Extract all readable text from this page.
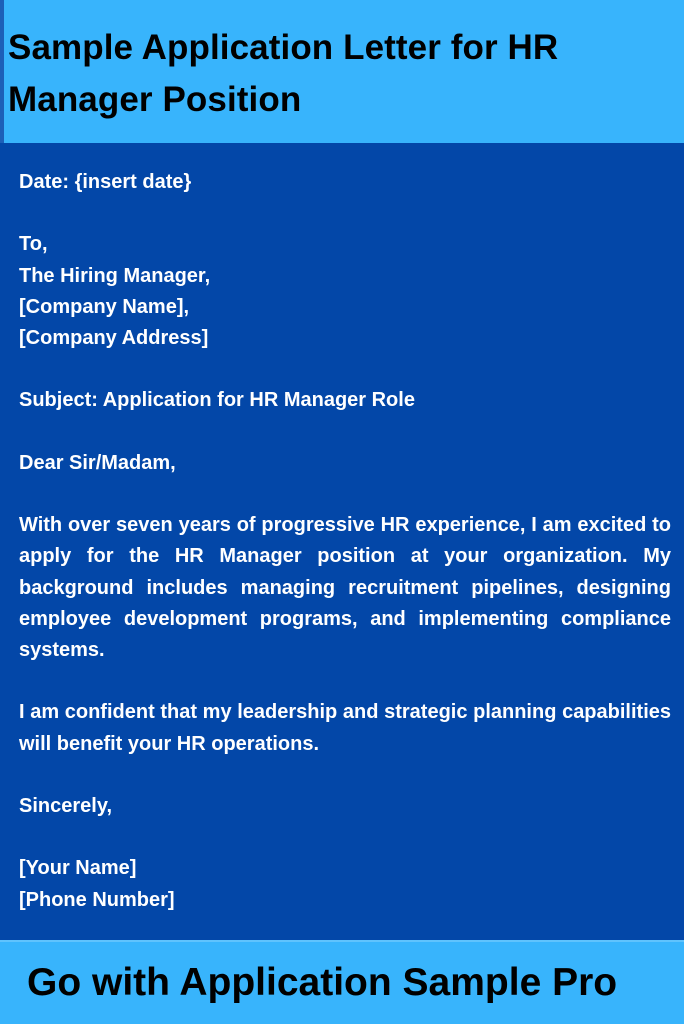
Sample Application Letter for HR Manager Position

Date: {insert date}

To,

The Hiring Manager,

[Company Name],

[Company Address]

Subject: Application for HR Manager Role

Dear Sir/Madam,

With over seven years of progressive HR experience, I am excited to apply for the HR Manager position at your organization. My background includes managing recruitment pipelines, designing employee development programs, and implementing compliance systems.

I am confident that my leadership and strategic planning capabilities will benefit your HR operations.

Sincerely,

[Your Name]

[Phone Number]

Go with Application Sample Pro
